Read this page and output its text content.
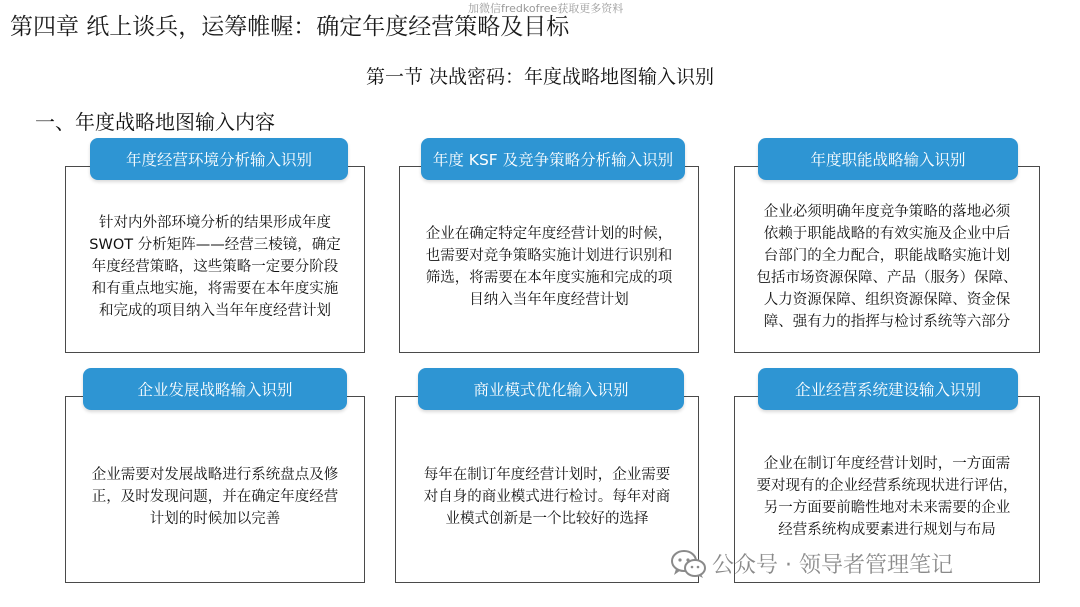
加微信fredkofree获取更多资料
第四章 纸上谈兵，运筹帷幄：确定年度经营策略及目标
第一节 决战密码：年度战略地图输入识别
一、年度战略地图输入内容
针对内外部环境分析的结果形成年度
SWOT 分析矩阵——经营三棱镜，确定
年度经营策略，这些策略一定要分阶段
和有重点地实施，将需要在本年度实施
和完成的项目纳入当年年度经营计划
年度经营环境分析输入识别
企业在确定特定年度经营计划的时候，
也需要对竞争策略实施计划进行识别和
筛选，将需要在本年度实施和完成的项
目纳入当年年度经营计划
年度 KSF 及竞争策略分析输入识别
企业必须明确年度竞争策略的落地必须
依赖于职能战略的有效实施及企业中后
台部门的全力配合，职能战略实施计划
包括市场资源保障、产品（服务）保障、
人力资源保障、组织资源保障、资金保
障、强有力的指挥与检讨系统等六部分
年度职能战略输入识别
企业需要对发展战略进行系统盘点及修
正，及时发现问题，并在确定年度经营
计划的时候加以完善
企业发展战略输入识别
每年在制订年度经营计划时，企业需要
对自身的商业模式进行检讨。每年对商
业模式创新是一个比较好的选择
商业模式优化输入识别
企业在制订年度经营计划时，一方面需
要对现有的企业经营系统现状进行评估，
另一方面要前瞻性地对未来需要的企业
经营系统构成要素进行规划与布局
企业经营系统建设输入识别
公众号 · 领导者管理笔记
